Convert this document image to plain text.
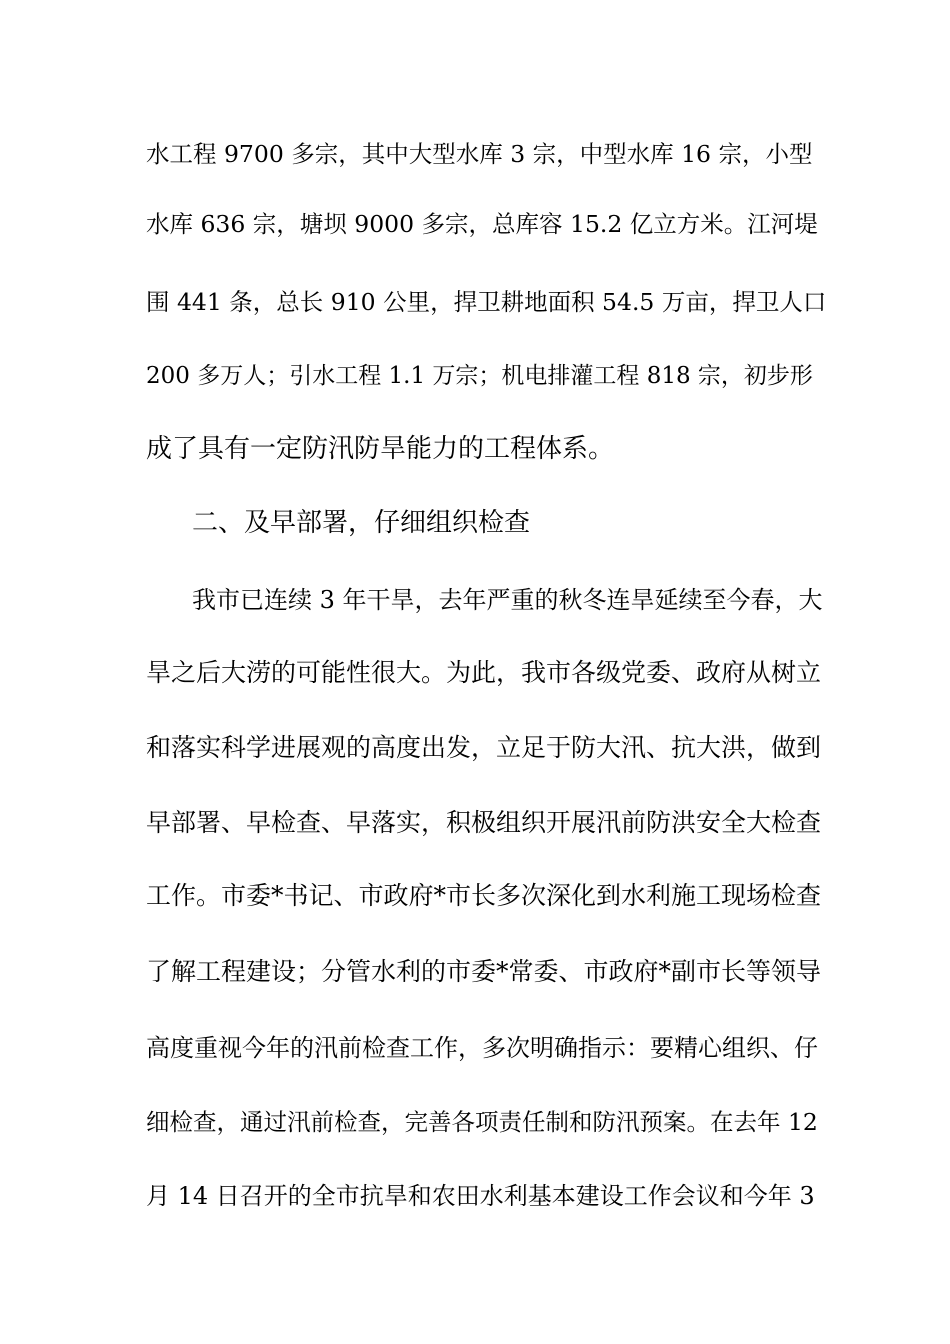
水工程 9700 多宗，其中大型水库 3 宗，中型水库 16 宗，小型
水库 636 宗，塘坝 9000 多宗，总库容 15.2 亿立方米。江河堤
围 441 条，总长 910 公里，捍卫耕地面积 54.5 万亩，捍卫人口
200 多万人；引水工程 1.1 万宗；机电排灌工程 818 宗，初步形
成了具有一定防汛防旱能力的工程体系。
二、及早部署，仔细组织检查
我市已连续 3 年干旱，去年严重的秋冬连旱延续至今春，大
旱之后大涝的可能性很大。为此，我市各级党委、政府从树立
和落实科学进展观的高度出发，立足于防大汛、抗大洪，做到
早部署、早检查、早落实，积极组织开展汛前防洪安全大检查
工作。市委*书记、市政府*市长多次深化到水利施工现场检查
了解工程建设；分管水利的市委*常委、市政府*副市长等领导
高度重视今年的汛前检查工作，多次明确指示：要精心组织、仔
细检查，通过汛前检查，完善各项责任制和防汛预案。在去年 12
月 14 日召开的全市抗旱和农田水利基本建设工作会议和今年 3
